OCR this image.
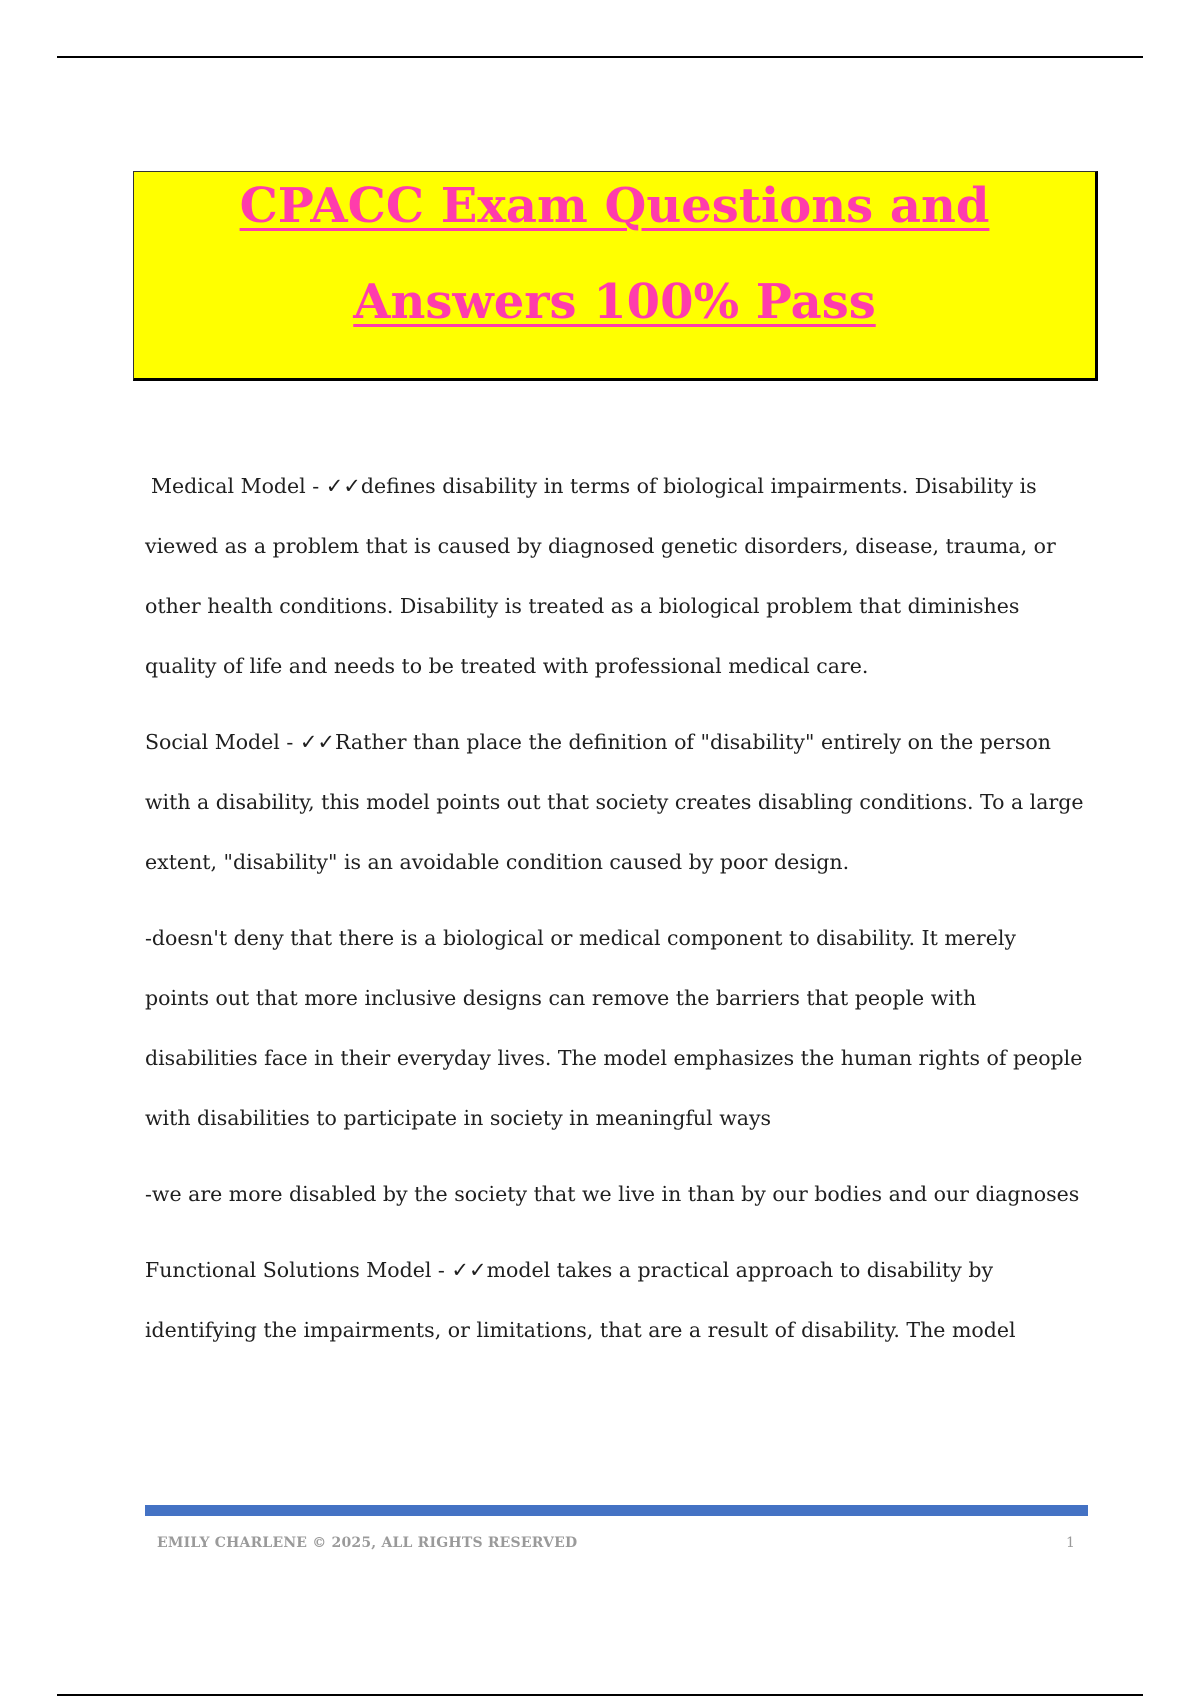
CPACC Exam Questions and
Answers 100% Pass

Medical Model - ✓✓defines disability in terms of biological impairments. Disability is viewed as a problem that is caused by diagnosed genetic disorders, disease, trauma, or other health conditions. Disability is treated as a biological problem that diminishes quality of life and needs to be treated with professional medical care.

Social Model - ✓✓Rather than place the definition of "disability" entirely on the person with a disability, this model points out that society creates disabling conditions. To a large extent, "disability" is an avoidable condition caused by poor design.

-doesn't deny that there is a biological or medical component to disability. It merely points out that more inclusive designs can remove the barriers that people with disabilities face in their everyday lives. The model emphasizes the human rights of people with disabilities to participate in society in meaningful ways

-we are more disabled by the society that we live in than by our bodies and our diagnoses

Functional Solutions Model - ✓✓model takes a practical approach to disability by identifying the impairments, or limitations, that are a result of disability. The model

EMILY CHARLENE © 2025, ALL RIGHTS RESERVED	1
